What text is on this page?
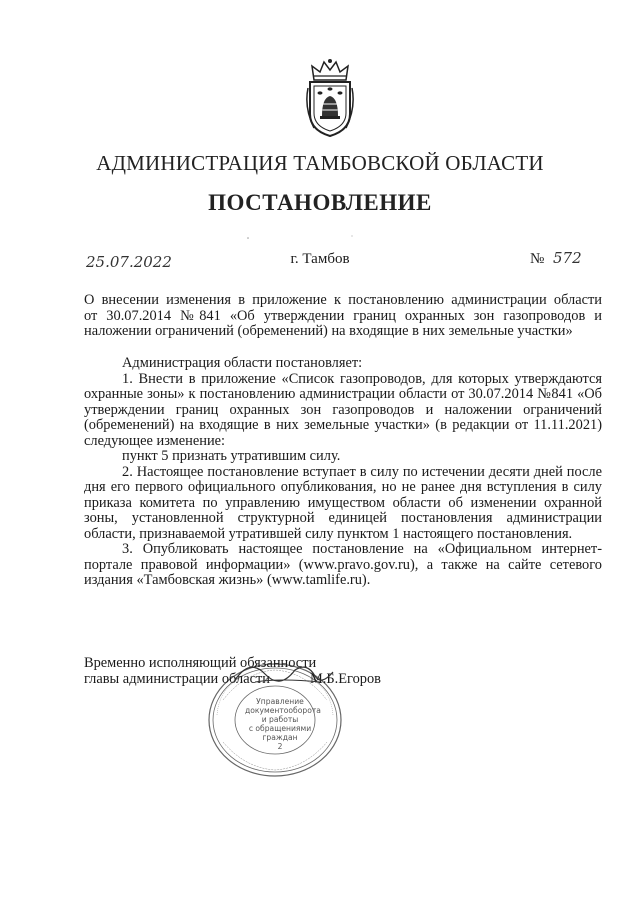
АДМИНИСТРАЦИЯ ТАМБОВСКОЙ ОБЛАСТИ
ПОСТАНОВЛЕНИЕ
25.07.2022	г. Тамбов	№ 572
О внесении изменения в приложение к постановлению администрации области
от 30.07.2014 №841 «Об утверждении границ охранных зон газопроводов и
наложении ограничений (обременений) на входящие в них земельные участки»

Администрация области постановляет:

1. Внести в приложение «Список газопроводов, для которых утверждаются охранные зоны» к постановлению администрации области от 30.07.2014 №841 «Об утверждении границ охранных зон газопроводов и наложении ограничений (обременений) на входящие в них земельные участки» (в редакции от 11.11.2021) следующее изменение:

пункт 5 признать утратившим силу.

2. Настоящее постановление вступает в силу по истечении десяти дней после дня его первого официального опубликования, но не ранее дня вступления в силу приказа комитета по управлению имуществом области об изменении охранной зоны, установленной структурной единицей постановления администрации области, признаваемой утратившей силу пунктом 1 настоящего постановления.

3. Опубликовать настоящее постановление на «Официальном интернет-портале правовой информации» (www.pravo.gov.ru), а также на сайте сетевого издания «Тамбовская жизнь» (www.tamlife.ru).

Управление
документооборота
и работы
с обращениями
граждан
2
Временно исполняющий обязанности
главы администрации области	М.Б.Егоров
